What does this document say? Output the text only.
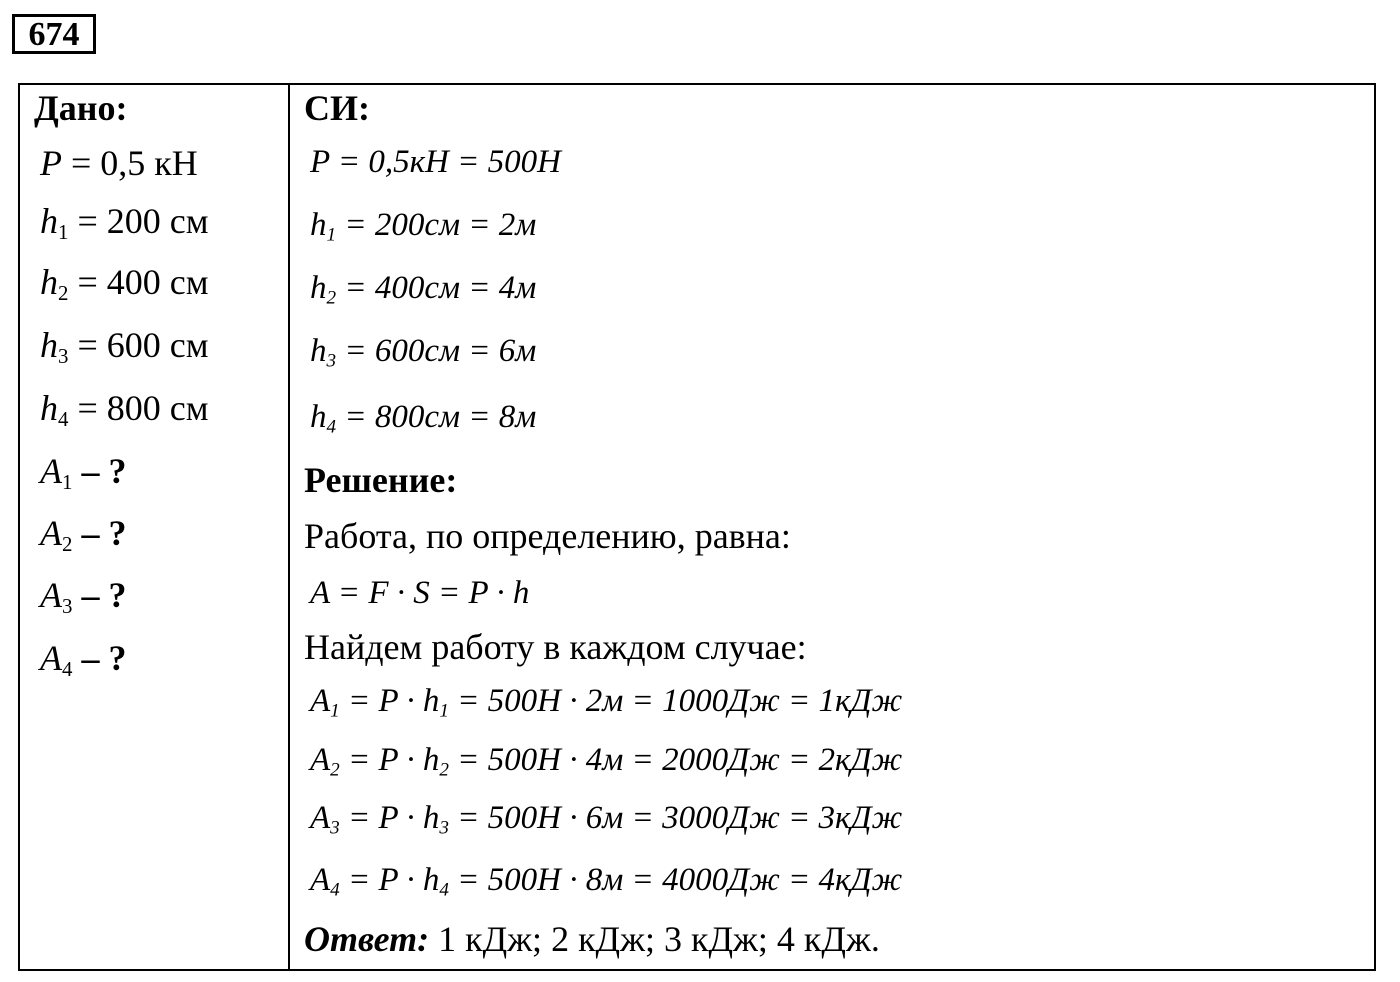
674
Дано:
P = 0,5 кН
$h_1 = 200$ см
$h_2 = 400$ см
$h_3 = 600$ см
$h_4 = 800$ см
$A_1$ – ?
$A_2$ – ?
$A_3$ – ?
$A_4$ – ?
СИ:
P = 0,5кН = 500Н
$h_1 = 200см = 2м$
$h_2 = 400см = 4м$
$h_3 = 600см = 6м$
$h_4 = 800см = 8м$
Решение:
Работа, по определению, равна:
A = F · S = P · h
Найдем работу в каждом случае:
$A_1 = P \cdot h_1 = 500Н \cdot 2м = 1000Дж = 1кДж$
$A_2 = P \cdot h_2 = 500Н \cdot 4м = 2000Дж = 2кДж$
$A_3 = P \cdot h_3 = 500Н \cdot 6м = 3000Дж = 3кДж$
$A_4 = P \cdot h_4 = 500Н \cdot 8м = 4000Дж = 4кДж$
Ответ: 1 кДж; 2 кДж; 3 кДж; 4 кДж.
